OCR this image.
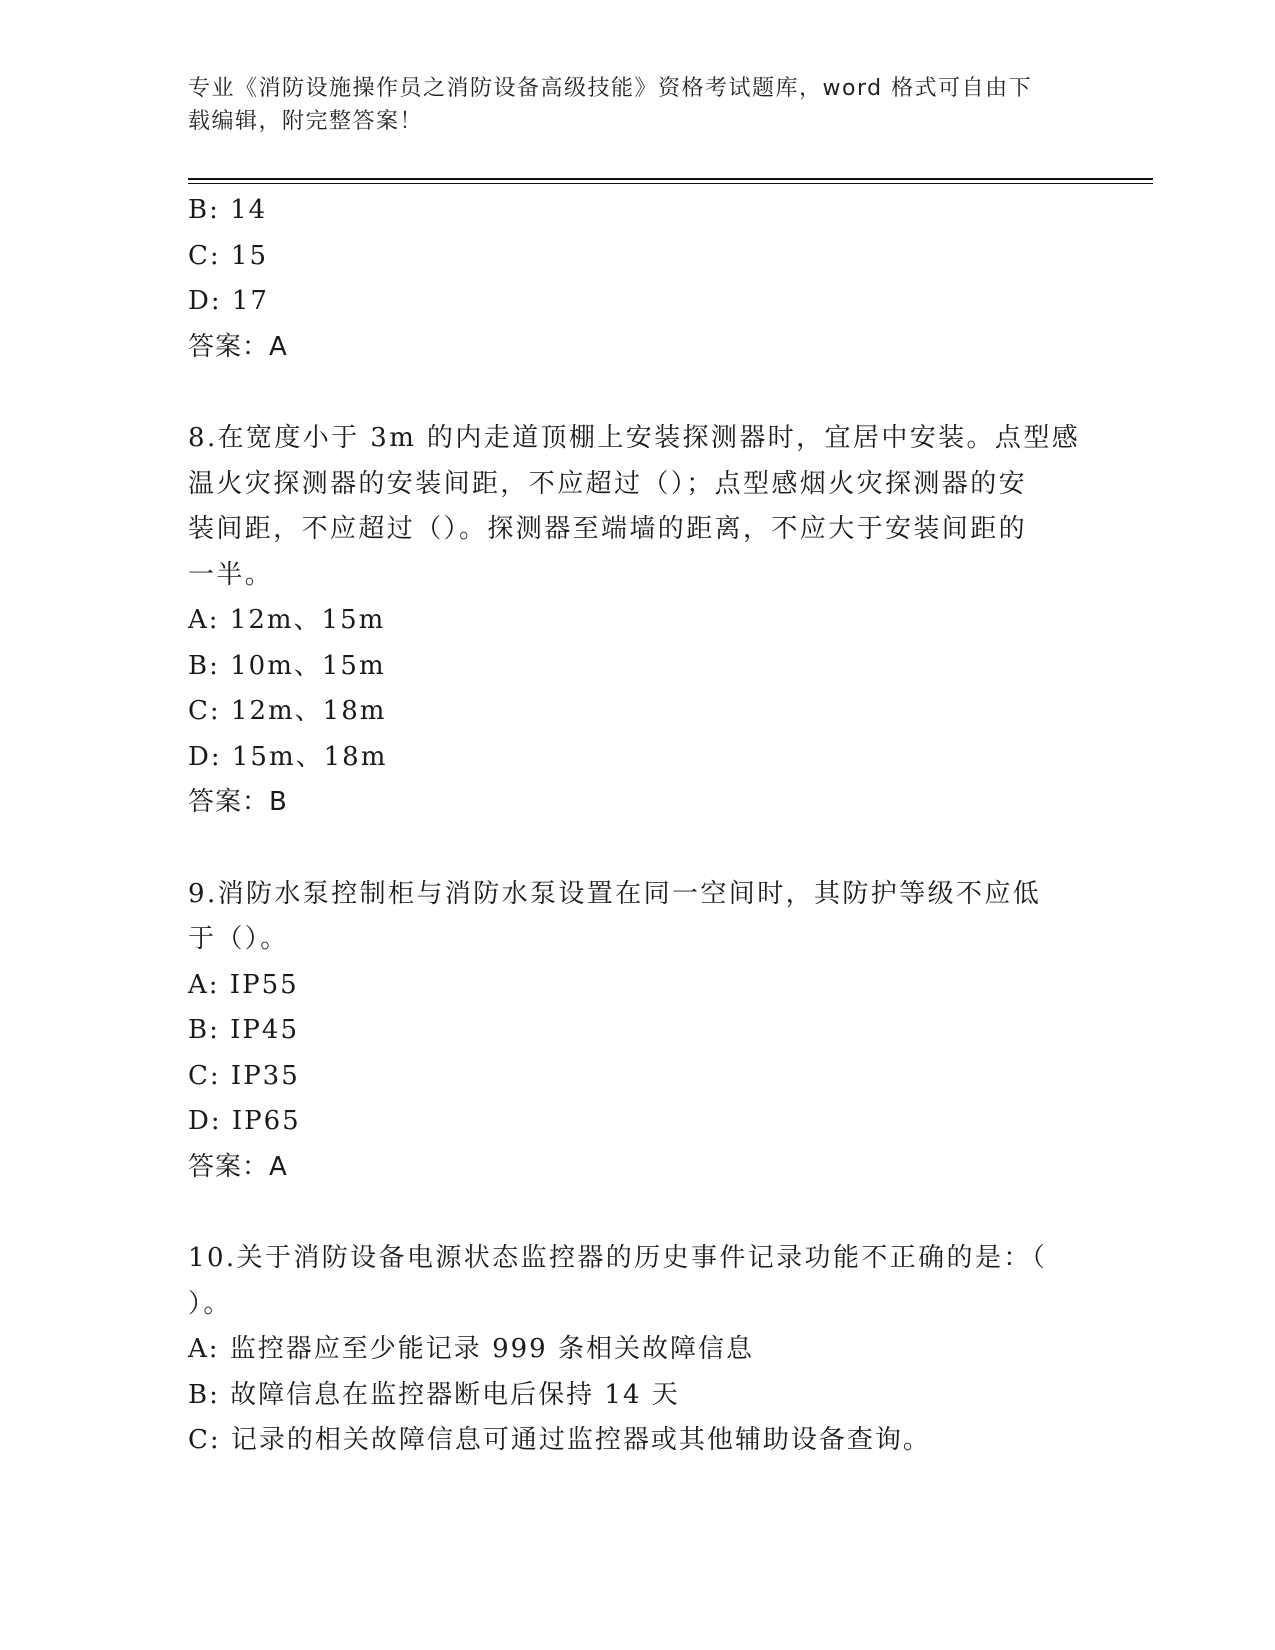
专业《消防设施操作员之消防设备高级技能》资格考试题库，word 格式可自由下
载编辑，附完整答案！

B: 14

C: 15

D: 17

答案：A

8.在宽度小于 3m 的内走道顶棚上安装探测器时，宜居中安装。点型感

温火灾探测器的安装间距，不应超过（）；点型感烟火灾探测器的安

装间距，不应超过（）。探测器至端墙的距离，不应大于安装间距的

一半。

A: 12m、15m

B: 10m、15m

C: 12m、18m

D: 15m、18m

答案：B

9.消防水泵控制柜与消防水泵设置在同一空间时，其防护等级不应低

于（）。

A: IP55

B: IP45

C: IP35

D: IP65

答案：A

10.关于消防设备电源状态监控器的历史事件记录功能不正确的是：（

）。

A: 监控器应至少能记录 999 条相关故障信息

B: 故障信息在监控器断电后保持 14 天

C: 记录的相关故障信息可通过监控器或其他辅助设备查询。
